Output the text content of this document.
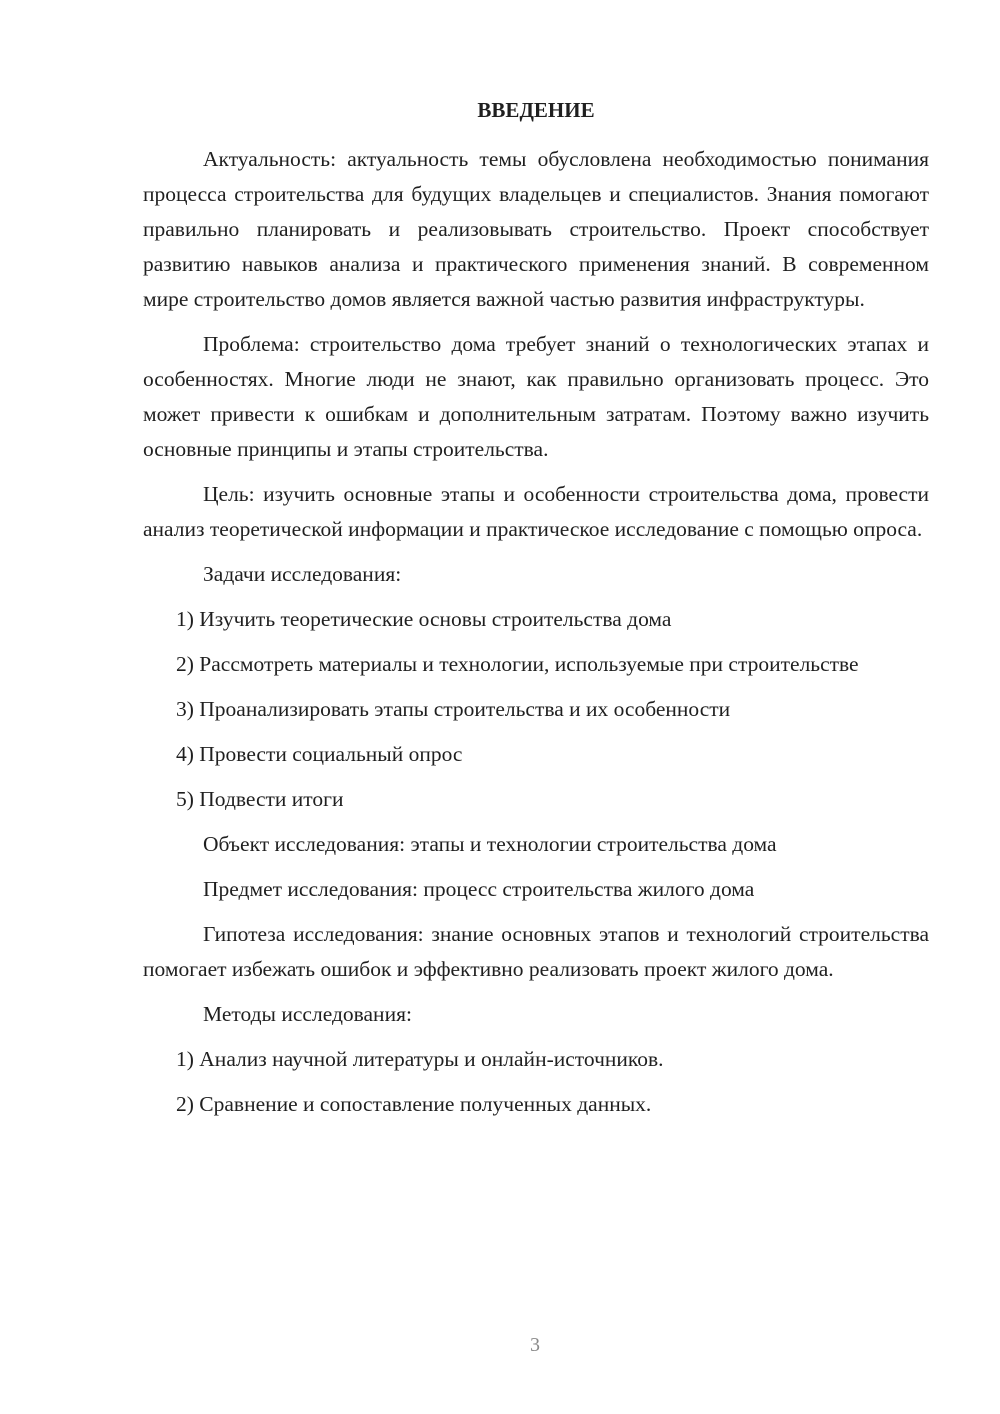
ВВЕДЕНИЕ

Актуальность: актуальность темы обусловлена необходимостью понимания процесса строительства для будущих владельцев и специалистов. Знания помогают правильно планировать и реализовывать строительство. Проект способствует развитию навыков анализа и практического применения знаний. В современном мире строительство домов является важной частью развития инфраструктуры.

Проблема: строительство дома требует знаний о технологических этапах и особенностях. Многие люди не знают, как правильно организовать процесс. Это может привести к ошибкам и дополнительным затратам. Поэтому важно изучить основные принципы и этапы строительства.

Цель: изучить основные этапы и особенности строительства дома, провести анализ теоретической информации и практическое исследование с помощью опроса.

Задачи исследования:

1) Изучить теоретические основы строительства дома

2) Рассмотреть материалы и технологии, используемые при строительстве

3) Проанализировать этапы строительства и их особенности

4) Провести социальный опрос

5) Подвести итоги

Объект исследования: этапы и технологии строительства дома

Предмет исследования: процесс строительства жилого дома

Гипотеза исследования: знание основных этапов и технологий строительства помогает избежать ошибок и эффективно реализовать проект жилого дома.

Методы исследования:

1) Анализ научной литературы и онлайн-источников.

2) Сравнение и сопоставление полученных данных.

3
